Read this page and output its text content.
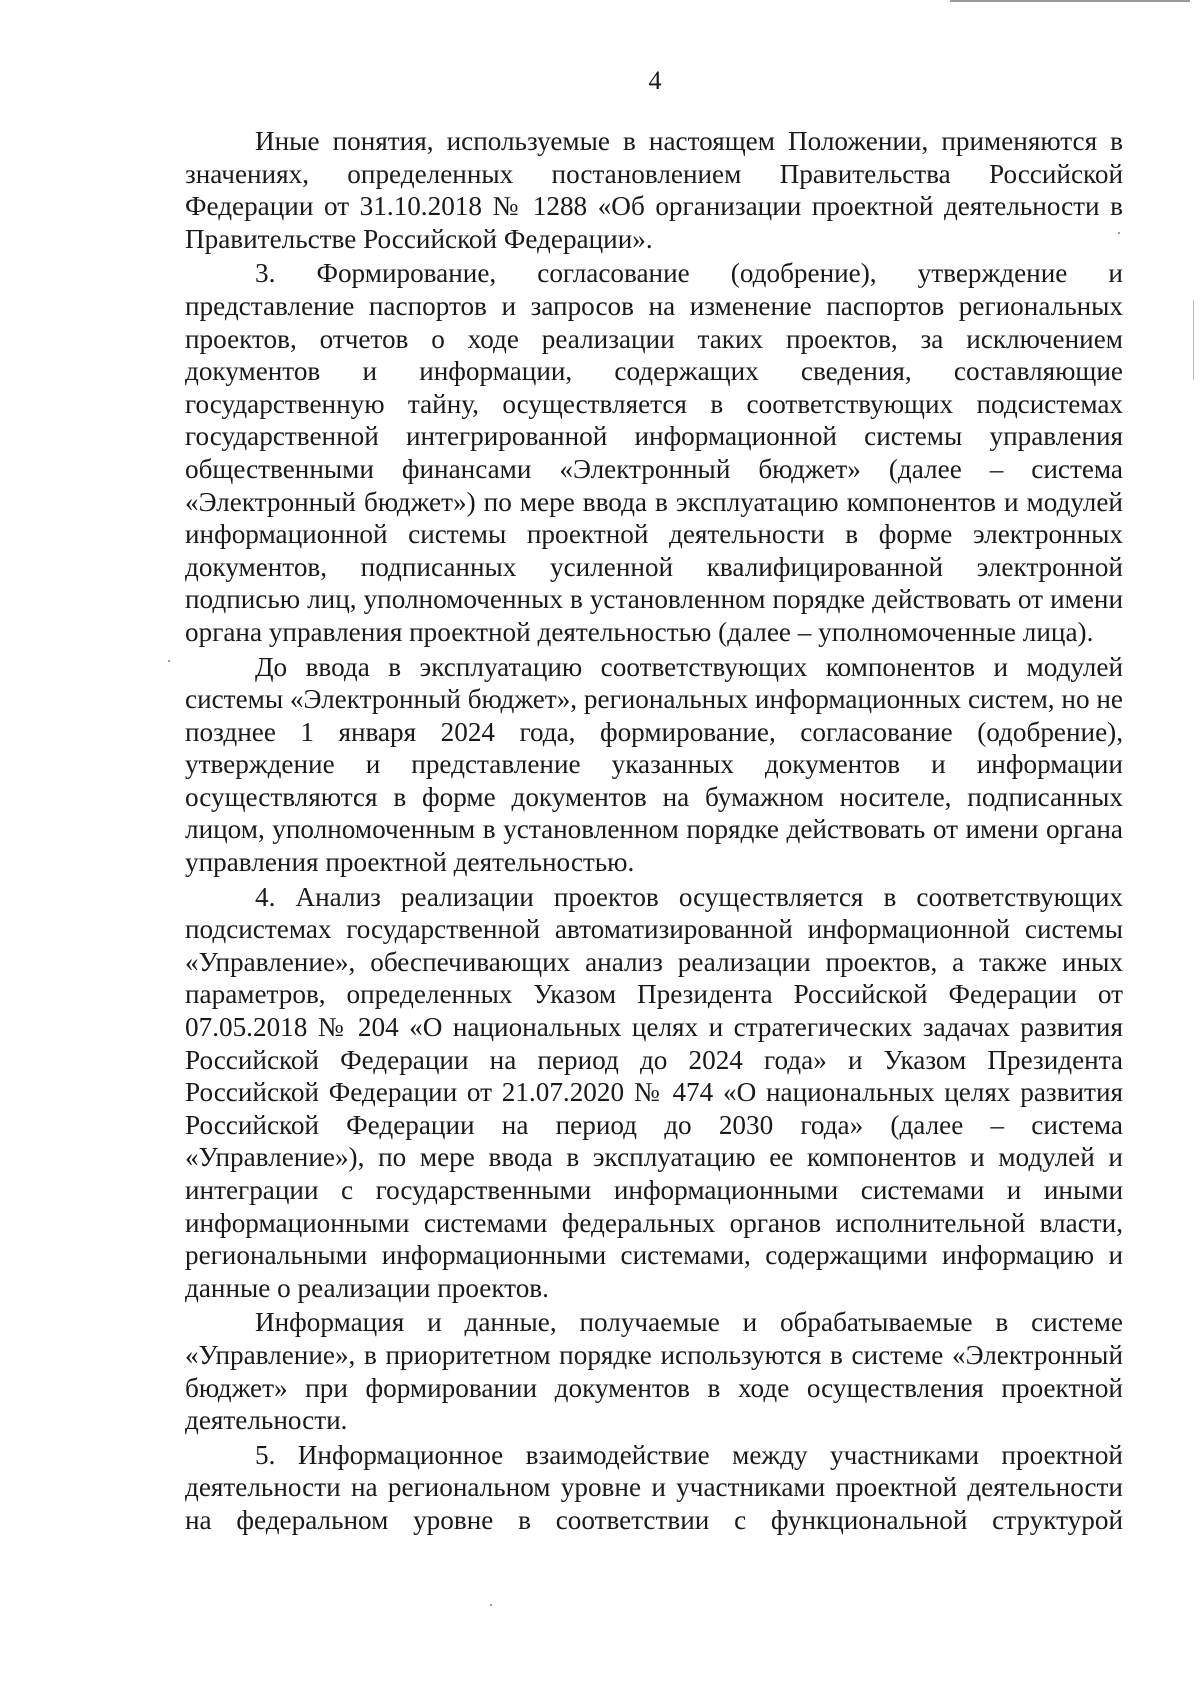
4

Иные понятия, используемые в настоящем Положении, применяются в значениях, определенных постановлением Правительства Российской Федерации от 31.10.2018 № 1288 «Об организации проектной деятельности в Правительстве Российской Федерации».

3. Формирование, согласование (одобрение), утверждение и представление паспортов и запросов на изменение паспортов региональных проектов, отчетов о ходе реализации таких проектов, за исключением документов и информации, содержащих сведения, составляющие государственную тайну, осуществляется в соответствующих подсистемах государственной интегрированной информационной системы управления общественными финансами «Электронный бюджет» (далее – система «Электронный бюджет») по мере ввода в эксплуатацию компонентов и модулей информационной системы проектной деятельности в форме электронных документов, подписанных усиленной квалифицированной электронной подписью лиц, уполномоченных в установленном порядке действовать от имени органа управления проектной деятельностью (далее – уполномоченные лица).

До ввода в эксплуатацию соответствующих компонентов и модулей системы «Электронный бюджет», региональных информационных систем, но не позднее 1 января 2024 года, формирование, согласование (одобрение), утверждение и представление указанных документов и информации осуществляются в форме документов на бумажном носителе, подписанных лицом, уполномоченным в установленном порядке действовать от имени органа управления проектной деятельностью.

4. Анализ реализации проектов осуществляется в соответствующих подсистемах государственной автоматизированной информационной системы «Управление», обеспечивающих анализ реализации проектов, а также иных параметров, определенных Указом Президента Российской Федерации от 07.05.2018 № 204 «О национальных целях и стратегических задачах развития Российской Федерации на период до 2024 года» и Указом Президента Российской Федерации от 21.07.2020 № 474 «О национальных целях развития Российской Федерации на период до 2030 года» (далее – система «Управление»), по мере ввода в эксплуатацию ее компонентов и модулей и интеграции с государственными информационными системами и иными информационными системами федеральных органов исполнительной власти, региональными информационными системами, содержащими информацию и данные о реализации проектов.

Информация и данные, получаемые и обрабатываемые в системе «Управление», в приоритетном порядке используются в системе «Электронный бюджет» при формировании документов в ходе осуществления проектной деятельности.

5. Информационное взаимодействие между участниками проектной деятельности на региональном уровне и участниками проектной деятельности на федеральном уровне в соответствии с функциональной структурой
